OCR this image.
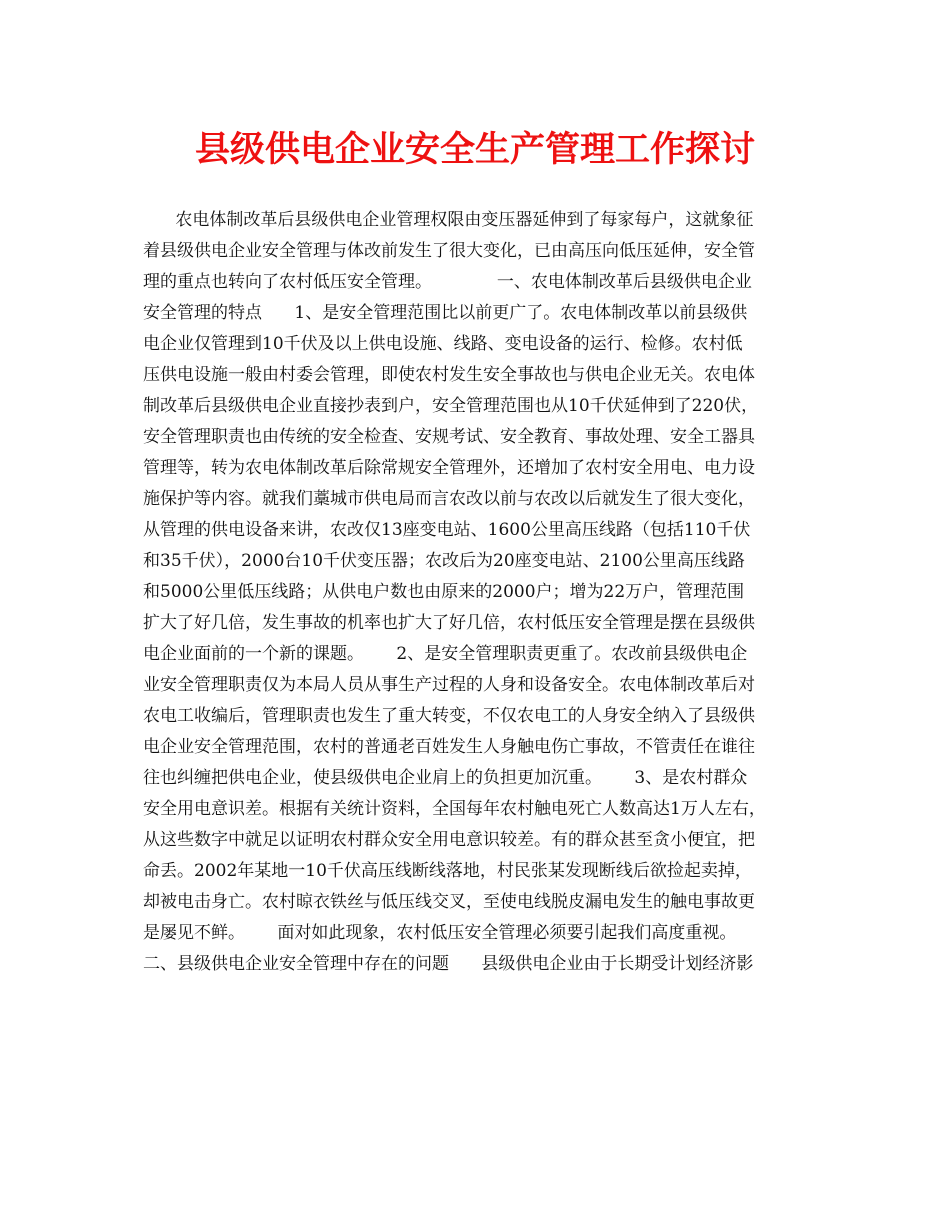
县级供电企业安全生产管理工作探讨
农电体制改革后县级供电企业管理权限由变压器延伸到了每家每户，这就象征
着县级供电企业安全管理与体改前发生了很大变化，已由高压向低压延伸，安全管
理的重点也转向了农村低压安全管理。            一、农电体制改革后县级供电企业
安全管理的特点      1、是安全管理范围比以前更广了。农电体制改革以前县级供
电企业仅管理到10千伏及以上供电设施、线路、变电设备的运行、检修。农村低
压供电设施一般由村委会管理，即使农村发生安全事故也与供电企业无关。农电体
制改革后县级供电企业直接抄表到户，安全管理范围也从10千伏延伸到了220伏，
安全管理职责也由传统的安全检查、安规考试、安全教育、事故处理、安全工器具
管理等，转为农电体制改革后除常规安全管理外，还增加了农村安全用电、电力设
施保护等内容。就我们藁城市供电局而言农改以前与农改以后就发生了很大变化，
从管理的供电设备来讲，农改仅13座变电站、1600公里高压线路（包括110千伏
和35千伏），2000台10千伏变压器；农改后为20座变电站、2100公里高压线路
和5000公里低压线路；从供电户数也由原来的2000户；增为22万户，管理范围
扩大了好几倍，发生事故的机率也扩大了好几倍，农村低压安全管理是摆在县级供
电企业面前的一个新的课题。      2、是安全管理职责更重了。农改前县级供电企
业安全管理职责仅为本局人员从事生产过程的人身和设备安全。农电体制改革后对
农电工收编后，管理职责也发生了重大转变，不仅农电工的人身安全纳入了县级供
电企业安全管理范围，农村的普通老百姓发生人身触电伤亡事故，不管责任在谁往
往也纠缠把供电企业，使县级供电企业肩上的负担更加沉重。      3、是农村群众
安全用电意识差。根据有关统计资料，全国每年农村触电死亡人数高达1万人左右，
从这些数字中就足以证明农村群众安全用电意识较差。有的群众甚至贪小便宜，把
命丢。2002年某地一10千伏高压线断线落地，村民张某发现断线后欲捡起卖掉，
却被电击身亡。农村晾衣铁丝与低压线交叉，至使电线脱皮漏电发生的触电事故更
是屡见不鲜。      面对如此现象，农村低压安全管理必须要引起我们高度重视。
二、县级供电企业安全管理中存在的问题      县级供电企业由于长期受计划经济影
